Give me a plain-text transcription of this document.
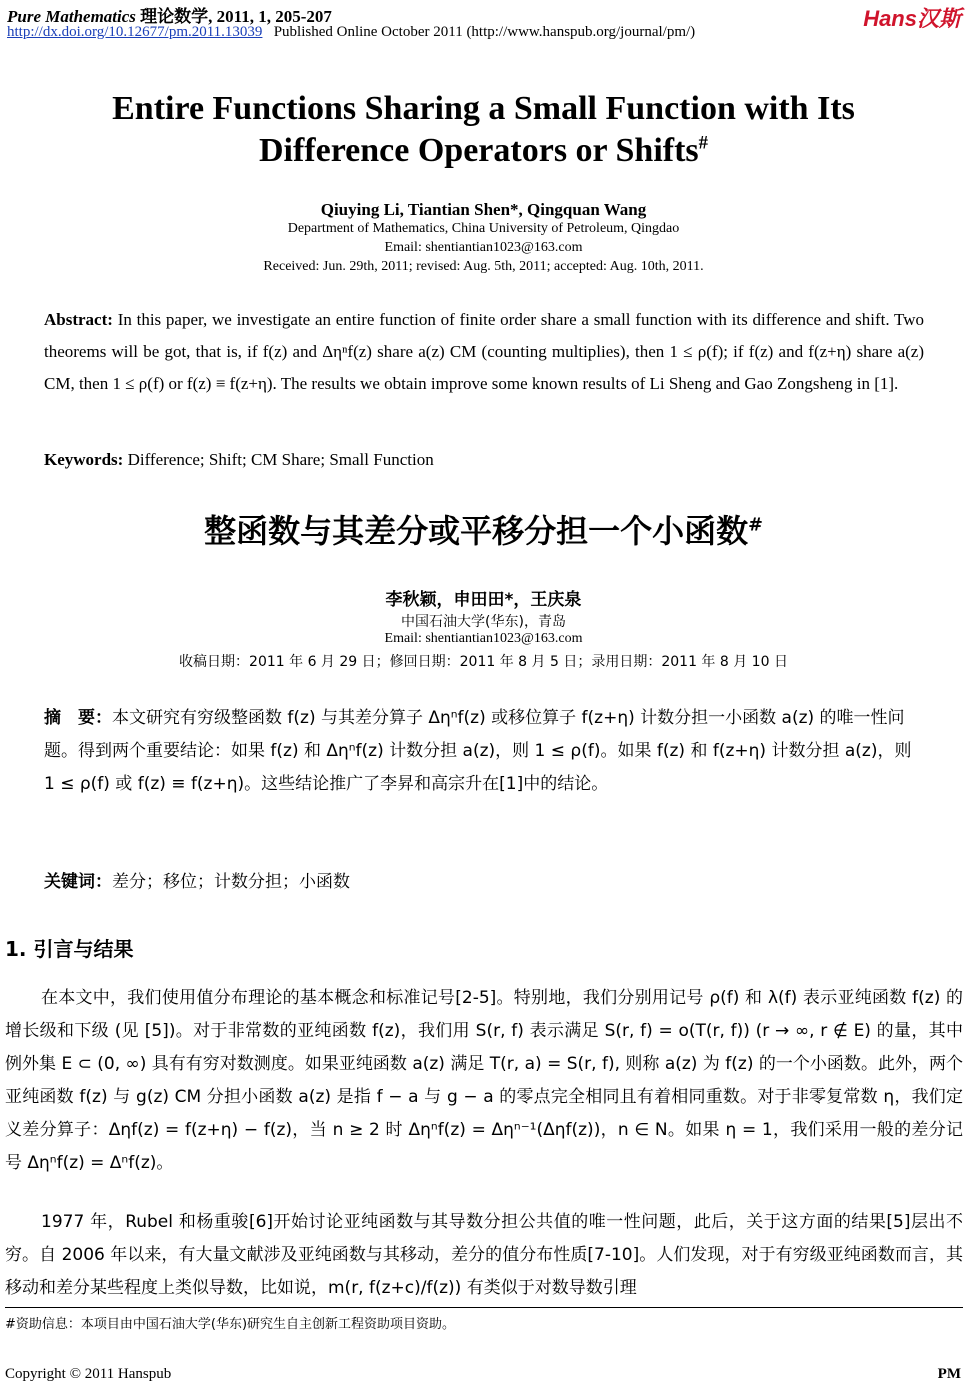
Pure Mathematics 理论数学, 2011, 1, 205-207
http://dx.doi.org/10.12677/pm.2011.13039 Published Online October 2011 (http://www.hanspub.org/journal/pm/)
Hans汉斯
Entire Functions Sharing a Small Function with Its
Difference Operators or Shifts#
Qiuying Li, Tiantian Shen*, Qingquan Wang
Department of Mathematics, China University of Petroleum, Qingdao
Email: shentiantian1023@163.com
Received: Jun. 29th, 2011; revised: Aug. 5th, 2011; accepted: Aug. 10th, 2011.
Abstract: In this paper, we investigate an entire function of finite order share a small function with its difference and shift. Two theorems will be got, that is, if f(z) and Δηⁿf(z) share a(z) CM (counting multiplies), then 1 ≤ ρ(f); if f(z) and f(z+η) share a(z) CM, then 1 ≤ ρ(f) or f(z) ≡ f(z+η). The results we obtain improve some known results of Li Sheng and Gao Zongsheng in [1].
Keywords: Difference; Shift; CM Share; Small Function
整函数与其差分或平移分担一个小函数#
李秋颖，申田田*，王庆泉
中国石油大学(华东)，青岛
Email: shentiantian1023@163.com
收稿日期：2011 年 6 月 29 日；修回日期：2011 年 8 月 5 日；录用日期：2011 年 8 月 10 日
摘　要：本文研究有穷级整函数 f(z) 与其差分算子 Δηⁿf(z) 或移位算子 f(z+η) 计数分担一小函数 a(z) 的唯一性问题。得到两个重要结论：如果 f(z) 和 Δηⁿf(z) 计数分担 a(z)，则 1 ≤ ρ(f)。如果 f(z) 和 f(z+η) 计数分担 a(z)，则 1 ≤ ρ(f) 或 f(z) ≡ f(z+η)。这些结论推广了李昇和高宗升在[1]中的结论。
关键词：差分；移位；计数分担；小函数
1. 引言与结果
在本文中，我们使用值分布理论的基本概念和标准记号[2-5]。特别地，我们分别用记号 ρ(f) 和 λ(f) 表示亚纯函数 f(z) 的增长级和下级 (见 [5])。对于非常数的亚纯函数 f(z)，我们用 S(r, f) 表示满足 S(r, f) = o(T(r, f)) (r → ∞, r ∉ E) 的量，其中例外集 E ⊂ (0, ∞) 具有有穷对数测度。如果亚纯函数 a(z) 满足 T(r, a) = S(r, f), 则称 a(z) 为 f(z) 的一个小函数。此外，两个亚纯函数 f(z) 与 g(z) CM 分担小函数 a(z) 是指 f − a 与 g − a 的零点完全相同且有着相同重数。对于非零复常数 η，我们定义差分算子：Δηf(z) = f(z+η) − f(z)，当 n ≥ 2 时 Δηⁿf(z) = Δηⁿ⁻¹(Δηf(z))，n ∈ N。如果 η = 1，我们采用一般的差分记号 Δηⁿf(z) = Δⁿf(z)。
1977 年，Rubel 和杨重骏[6]开始讨论亚纯函数与其导数分担公共值的唯一性问题，此后，关于这方面的结果[5]层出不穷。自 2006 年以来，有大量文献涉及亚纯函数与其移动，差分的值分布性质[7-10]。人们发现，对于有穷级亚纯函数而言，其移动和差分某些程度上类似导数，比如说，m(r, f(z+c)/f(z)) 有类似于对数导数引理
#资助信息：本项目由中国石油大学(华东)研究生自主创新工程资助项目资助。
Copyright © 2011 Hanspub	PM
